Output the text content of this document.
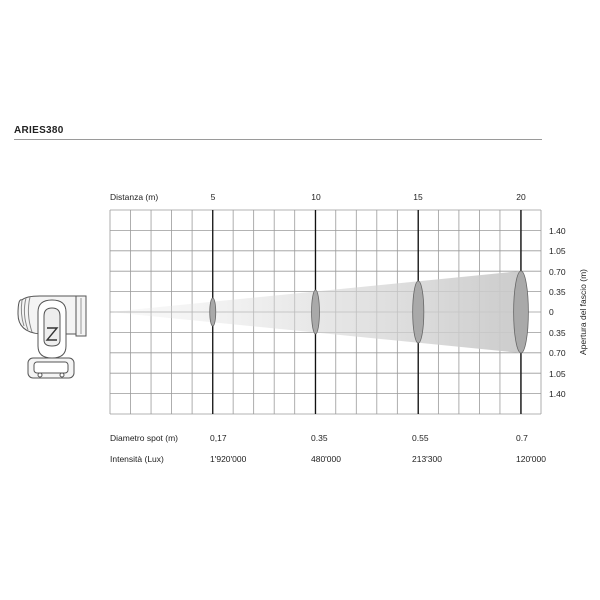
ARIES380
Distanza (m)	5	10	15	20
1.40
1.05
0.70
0.35
0
0.35
0.70
1.05
1.40
Apertura del fascio (m)
Diametro spot (m)	0,17	0.35	0.55	0.7
Intensità (Lux)	1'920'000	480'000	213'300	120'000
